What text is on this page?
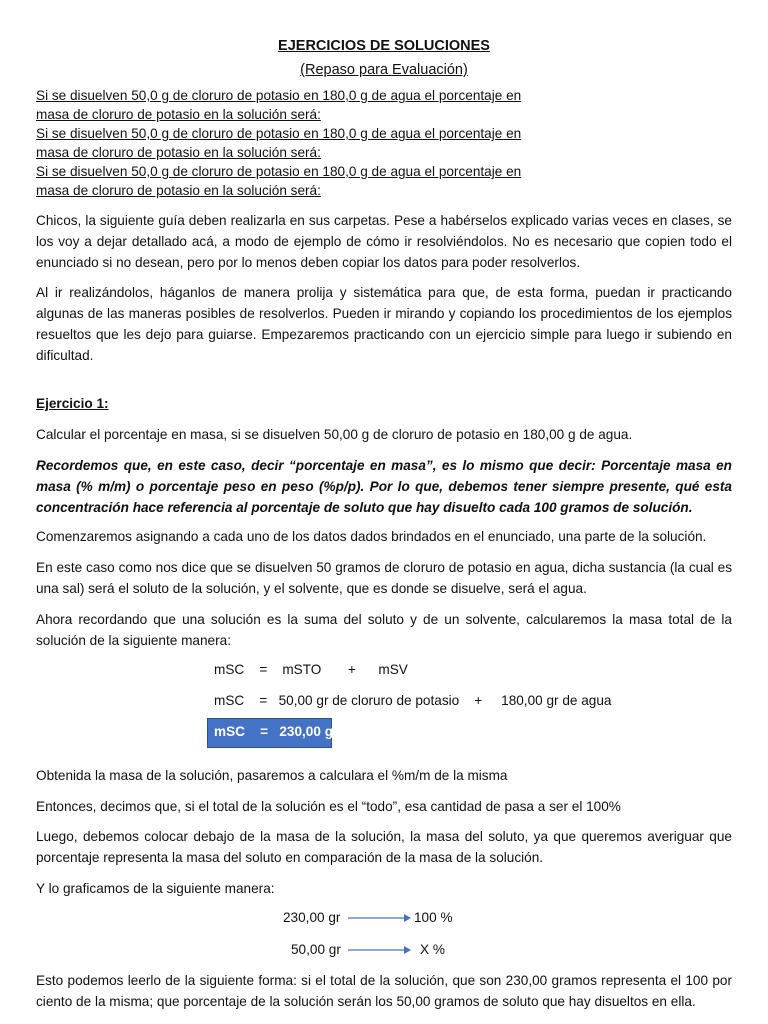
EJERCICIOS DE SOLUCIONES
(Repaso para Evaluación)
Si se disuelven 50,0 g de cloruro de potasio en 180,0 g de agua el porcentaje en
masa de cloruro de potasio en la solución será:
Si se disuelven 50,0 g de cloruro de potasio en 180,0 g de agua el porcentaje en
masa de cloruro de potasio en la solución será:
Si se disuelven 50,0 g de cloruro de potasio en 180,0 g de agua el porcentaje en
masa de cloruro de potasio en la solución será:

Chicos, la siguiente guía deben realizarla en sus carpetas. Pese a habérselos explicado varias veces en clases, se los voy a dejar detallado acá, a modo de ejemplo de cómo ir resolviéndolos. No es necesario que copien todo el enunciado si no desean, pero por lo menos deben copiar los datos para poder resolverlos.

Al ir realizándolos, háganlos de manera prolija y sistemática para que, de esta forma, puedan ir practicando algunas de las maneras posibles de resolverlos. Pueden ir mirando y copiando los procedimientos de los ejemplos resueltos que les dejo para guiarse. Empezaremos practicando con un ejercicio simple para luego ir subiendo en dificultad.

Ejercicio 1:

Calcular el porcentaje en masa, si se disuelven 50,00 g de cloruro de potasio en 180,00 g de agua.

Recordemos que, en este caso, decir “porcentaje en masa”, es lo mismo que decir: Porcentaje masa en masa (% m/m) o porcentaje peso en peso (%p/p). Por lo que, debemos tener siempre presente, qué esta concentración hace referencia al porcentaje de soluto que hay disuelto cada 100 gramos de solución.

Comenzaremos asignando a cada uno de los datos dados brindados en el enunciado, una parte de la solución.

En este caso como nos dice que se disuelven 50 gramos de cloruro de potasio en agua, dicha sustancia (la cual es una sal) será el soluto de la solución, y el solvente, que es donde se disuelve, será el agua.

Ahora recordando que una solución es la suma del soluto y de un solvente, calcularemos la masa total de la solución de la siguiente manera:

mSC    =    mSTO       +      mSV
mSC    =   50,00 gr de cloruro de potasio    +     180,00 gr de agua
mSC    =   230,00 gr

Obtenida la masa de la solución, pasaremos a calculara el %m/m de la misma

Entonces, decimos que, si el total de la solución es el “todo”, esa cantidad de pasa a ser el 100%

Luego, debemos colocar debajo de la masa de la solución, la masa del soluto, ya que queremos averiguar que porcentaje representa la masa del soluto en comparación de la masa de la solución.

Y lo graficamos de la siguiente manera:

230,00 gr	100 %
50,00 gr	X %

Esto podemos leerlo de la siguiente forma: si el total de la solución, que son 230,00 gramos representa el 100 por ciento de la misma; que porcentaje de la solución serán los 50,00 gramos de soluto que hay disueltos en ella.
